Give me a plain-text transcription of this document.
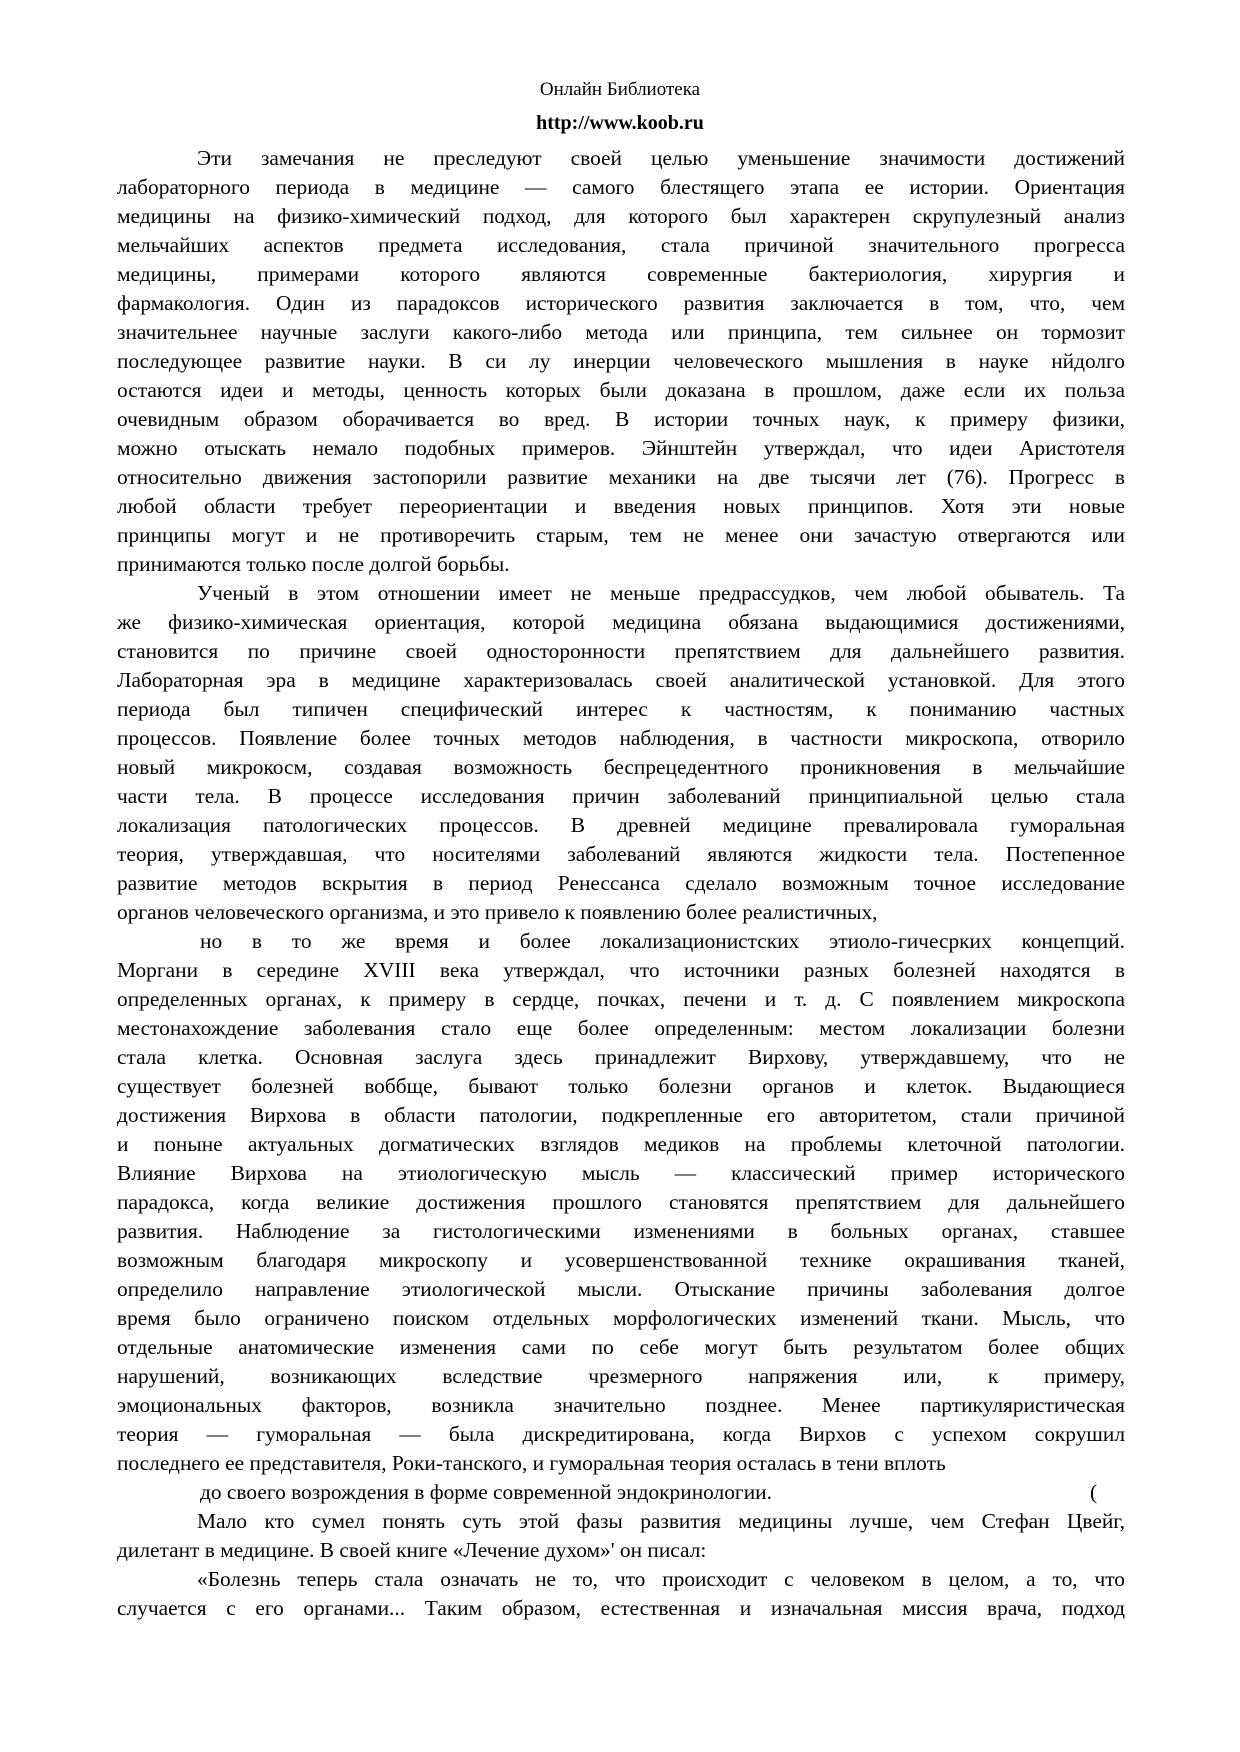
Онлайн Библиотека
http://www.koob.ru
Эти замечания не преследуют своей целью уменьшение значимости достижений
лабораторного периода в медицине — самого блестящего этапа ее истории. Ориентация
медицины на физико-химический подход, для которого был характерен скрупулезный анализ
мельчайших аспектов предмета исследования, стала причиной значительного прогресса
медицины, примерами которого являются современные бактериология, хирургия и
фармакология. Один из парадоксов исторического развития заключается в том, что, чем
значительнее научные заслуги какого-либо метода или принципа, тем сильнее он тормозит
последующее развитие науки. В си лу инерции человеческого мышления в науке нйдолго
остаются идеи и методы, ценность которых были доказана в прошлом, даже если их польза
очевидным образом оборачивается во вред. В истории точных наук, к примеру физики,
можно отыскать немало подобных примеров. Эйнштейн утверждал, что идеи Аристотеля
относительно движения застопорили развитие механики на две тысячи лет (76). Прогресс в
любой области требует переориентации и введения новых принципов. Хотя эти новые
принципы могут и не противоречить старым, тем не менее они зачастую отвергаются или
принимаются только после долгой борьбы.
Ученый в этом отношении имеет не меньше предрассудков, чем любой обыватель. Та
же физико-химическая ориентация, которой медицина обязана выдающимися достижениями,
становится по причине своей односторонности препятствием для дальнейшего развития.
Лабораторная эра в медицине характеризовалась своей аналитической установкой. Для этого
периода был типичен специфический интерес к частностям, к пониманию частных
процессов. Появление более точных методов наблюдения, в частности микроскопа, отворило
новый микрокосм, создавая возможность беспрецедентного проникновения в мельчайшие
части тела. В процессе исследования причин заболеваний принципиальной целью стала
локализация патологических процессов. В древней медицине превалировала гуморальная
теория, утверждавшая, что носителями заболеваний являются жидкости тела. Постепенное
развитие методов вскрытия в период Ренессанса сделало возможным точное исследование
органов человеческого организма, и это привело к появлению более реалистичных,
но в то же время и более локализационистских этиоло-гичесрких концепций.
Моргани в середине XVIII века утверждал, что источники разных болезней находятся в
определенных органах, к примеру в сердце, почках, печени и т. д. С появлением микроскопа
местонахождение заболевания стало еще более определенным: местом локализации болезни
стала клетка. Основная заслуга здесь принадлежит Вирхову, утверждавшему, что не
существует болезней воббще, бывают только болезни органов и клеток. Выдающиеся
достижения Вирхова в области патологии, подкрепленные его авторитетом, стали причиной
и поныне актуальных догматических взглядов медиков на проблемы клеточной патологии.
Влияние Вирхова на этиологическую мысль — классический пример исторического
парадокса, когда великие достижения прошлого становятся препятствием для дальнейшего
развития. Наблюдение за гистологическими изменениями в больных органах, ставшее
возможным благодаря микроскопу и усовершенствованной технике окрашивания тканей,
определило направление этиологической мысли. Отыскание причины заболевания долгое
время было ограничено поиском отдельных морфологических изменений ткани. Мысль, что
отдельные анатомические изменения сами по себе могут быть результатом более общих
нарушений, возникающих вследствие чрезмерного напряжения или, к примеру,
эмоциональных факторов, возникла значительно позднее. Менее партикуляристическая
теория — гуморальная — была дискредитирована, когда Вирхов с успехом сокрушил
последнего ее представителя, Роки-танского, и гуморальная теория осталась в тени вплоть
до своего возрождения в форме современной эндокринологии.	(
Мало кто сумел понять суть этой фазы развития медицины лучше, чем Стефан Цвейг,
дилетант в медицине. В своей книге «Лечение духом»' он писал:
«Болезнь теперь стала означать не то, что происходит с человеком в целом, а то, что
случается с его органами... Таким образом, естественная и изначальная миссия врача, подход
